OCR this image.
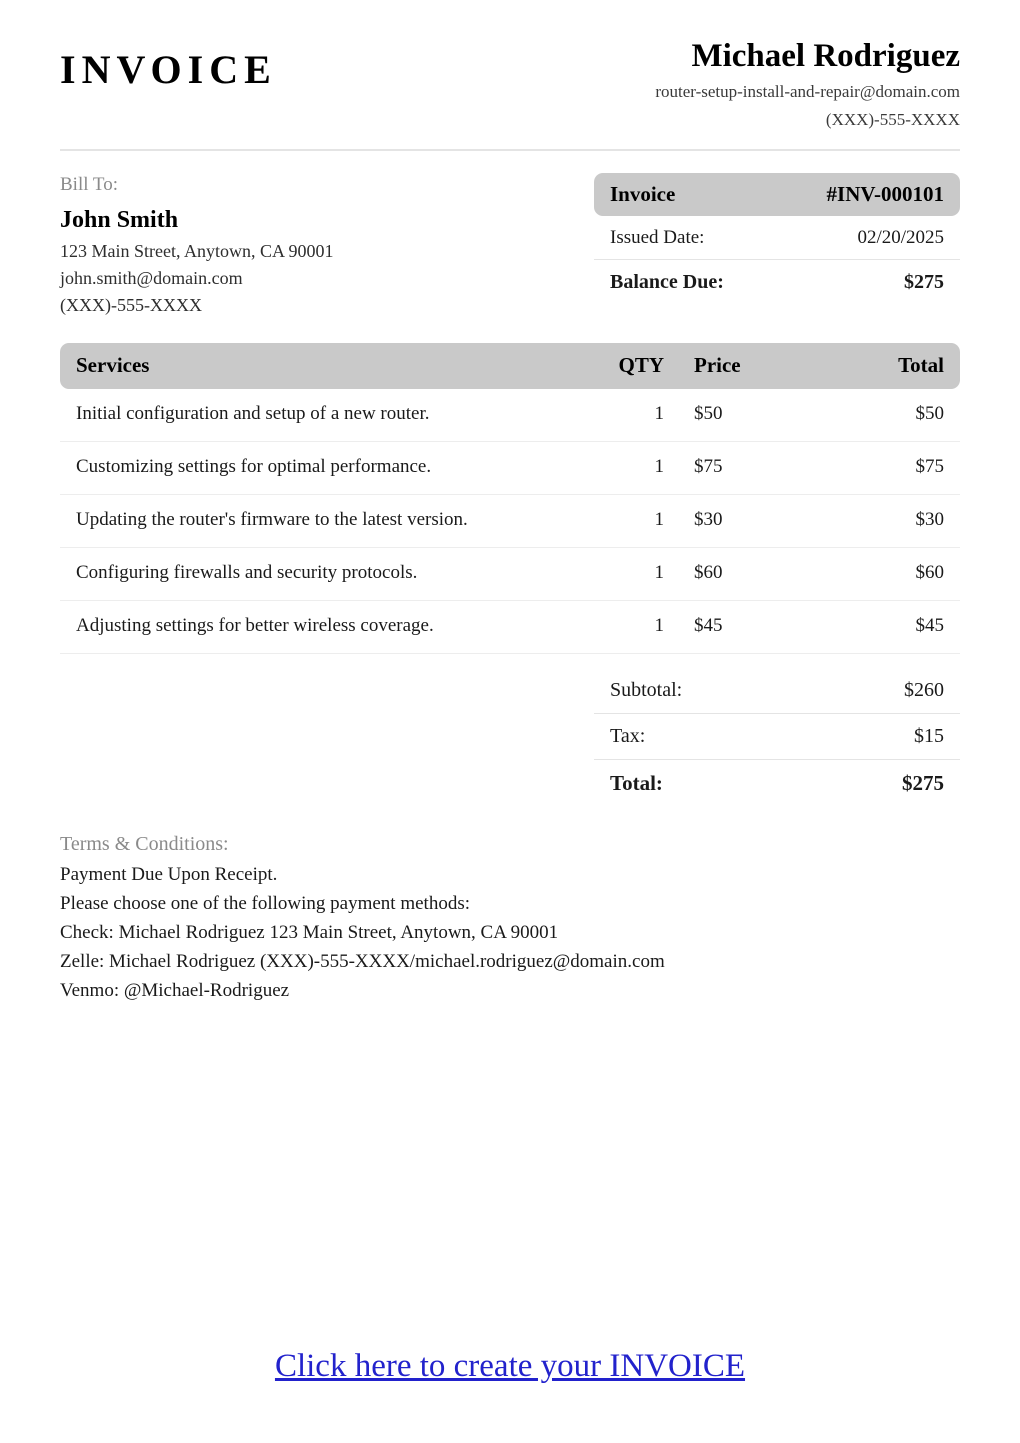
INVOICE	Michael Rodriguez
router-setup-install-and-repair@domain.com
(XXX)-555-XXXX
Bill To:
John Smith
123 Main Street, Anytown, CA 90001
john.smith@domain.com
(XXX)-555-XXXX
Invoice	#INV-000101
Issued Date:	02/20/2025
Balance Due:	$275
Services	QTY	Price	Total
Initial configuration and setup of a new router.	1	$50	$50
Customizing settings for optimal performance.	1	$75	$75
Updating the router's firmware to the latest version.	1	$30	$30
Configuring firewalls and security protocols.	1	$60	$60
Adjusting settings for better wireless coverage.	1	$45	$45
Subtotal:	$260
Tax:	$15
Total:	$275
Terms & Conditions:
Payment Due Upon Receipt.
Please choose one of the following payment methods:
Check: Michael Rodriguez 123 Main Street, Anytown, CA 90001
Zelle: Michael Rodriguez (XXX)-555-XXXX/michael.rodriguez@domain.com
Venmo: @Michael-Rodriguez
Click here to create your INVOICE
